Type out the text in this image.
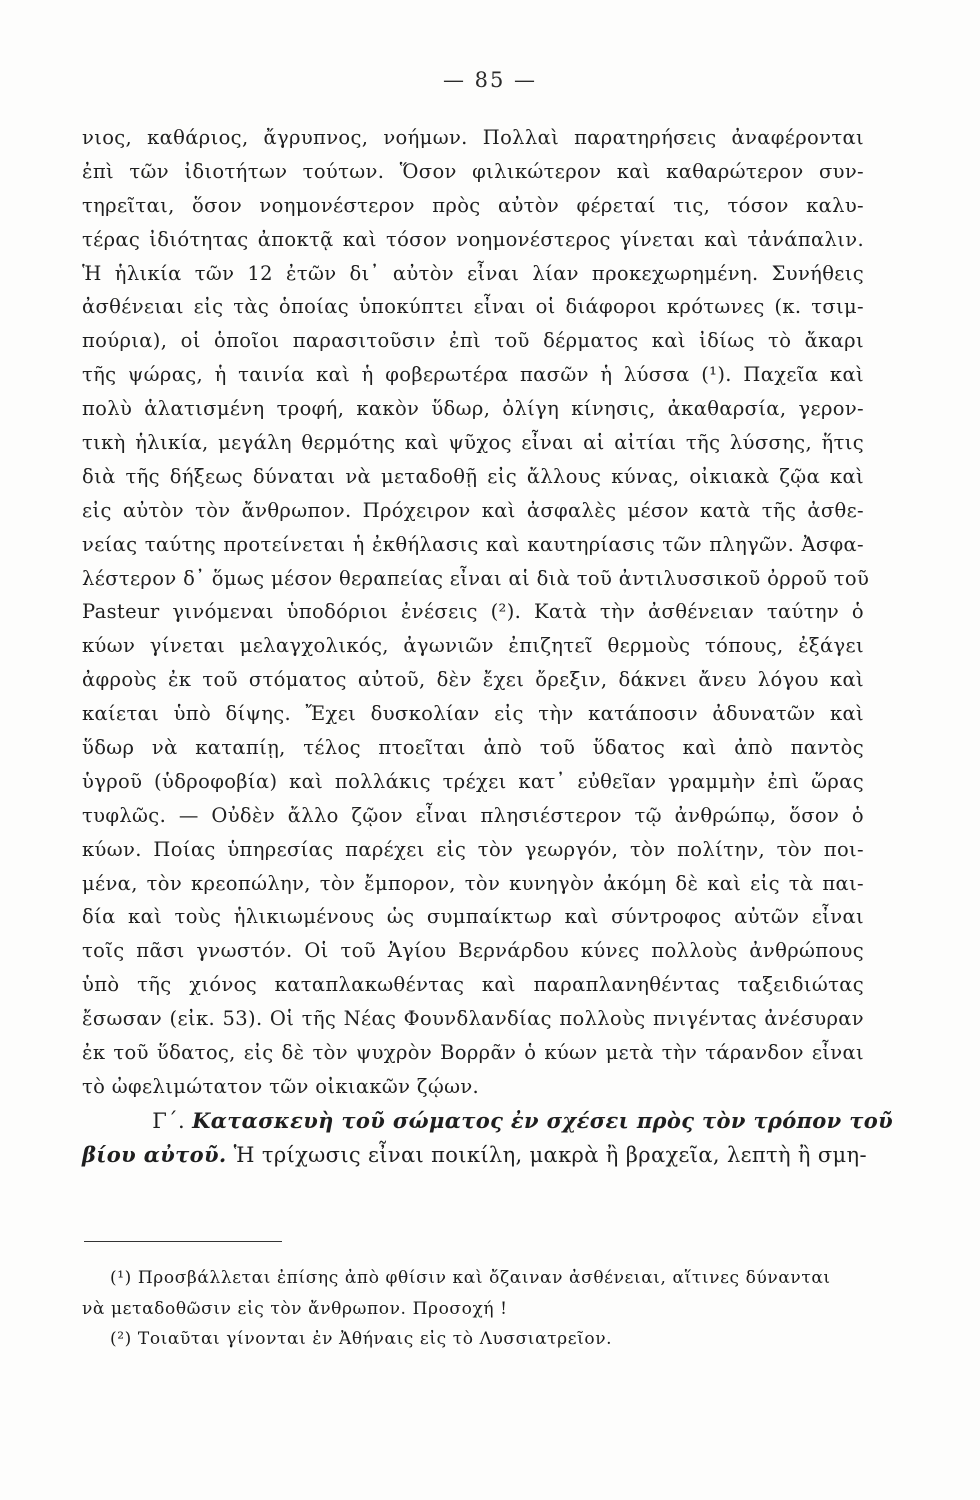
— 85 —
νιος, καθάριος, ἄγρυπνος, νοήμων. Πολλαὶ παρατηρήσεις ἀναφέρονται
ἐπὶ τῶν ἰδιοτήτων τούτων. Ὅσον φιλικώτερον καὶ καθαρώτερον συν-
τηρεῖται, ὅσον νοημονέστερον πρὸς αὐτὸν φέρεταί τις, τόσον καλυ-
τέρας ἰδιότητας ἀποκτᾷ καὶ τόσον νοημονέστερος γίνεται καὶ τἀνάπαλιν.
Ἡ ἡλικία τῶν 12 ἐτῶν δι᾽ αὐτὸν εἶναι λίαν προκεχωρημένη. Συνήθεις
ἀσθένειαι εἰς τὰς ὁποίας ὑποκύπτει εἶναι οἱ διάφοροι κρότωνες (κ. τσιμ-
πούρια), οἱ ὁποῖοι παρασιτοῦσιν ἐπὶ τοῦ δέρματος καὶ ἰδίως τὸ ἄκαρι
τῆς ψώρας, ἡ ταινία καὶ ἡ φοβερωτέρα πασῶν ἡ λύσσα (¹). Παχεῖα καὶ
πολὺ ἁλατισμένη τροφή, κακὸν ὕδωρ, ὀλίγη κίνησις, ἀκαθαρσία, γερον-
τικὴ ἡλικία, μεγάλη θερμότης καὶ ψῦχος εἶναι αἱ αἰτίαι τῆς λύσσης, ἥτις
διὰ τῆς δήξεως δύναται νὰ μεταδοθῇ εἰς ἄλλους κύνας, οἰκιακὰ ζῷα καὶ
εἰς αὐτὸν τὸν ἄνθρωπον. Πρόχειρον καὶ ἀσφαλὲς μέσον κατὰ τῆς ἀσθε-
νείας ταύτης προτείνεται ἡ ἐκθήλασις καὶ καυτηρίασις τῶν πληγῶν. Ἀσφα-
λέστερον δ᾽ ὅμως μέσον θεραπείας εἶναι αἱ διὰ τοῦ ἀντιλυσσικοῦ ὀρροῦ τοῦ
Pasteur γινόμεναι ὑποδόριοι ἐνέσεις (²). Κατὰ τὴν ἀσθένειαν ταύτην ὁ
κύων γίνεται μελαγχολικός, ἀγωνιῶν ἐπιζητεῖ θερμοὺς τόπους, ἐξάγει
ἀφροὺς ἐκ τοῦ στόματος αὐτοῦ, δὲν ἔχει ὄρεξιν, δάκνει ἄνευ λόγου καὶ
καίεται ὑπὸ δίψης. Ἔχει δυσκολίαν εἰς τὴν κατάποσιν ἀδυνατῶν καὶ
ὕδωρ νὰ καταπίῃ, τέλος πτοεῖται ἀπὸ τοῦ ὕδατος καὶ ἀπὸ παντὸς
ὑγροῦ (ὑδροφοβία) καὶ πολλάκις τρέχει κατ᾽ εὐθεῖαν γραμμὴν ἐπὶ ὥρας
τυφλῶς. — Οὐδὲν ἄλλο ζῷον εἶναι πλησιέστερον τῷ ἀνθρώπῳ, ὅσον ὁ
κύων. Ποίας ὑπηρεσίας παρέχει εἰς τὸν γεωργόν, τὸν πολίτην, τὸν ποι-
μένα, τὸν κρεοπώλην, τὸν ἔμπορον, τὸν κυνηγὸν ἀκόμη δὲ καὶ εἰς τὰ παι-
δία καὶ τοὺς ἡλικιωμένους ὡς συμπαίκτωρ καὶ σύντροφος αὐτῶν εἶναι
τοῖς πᾶσι γνωστόν. Οἱ τοῦ Ἁγίου Βερνάρδου κύνες πολλοὺς ἀνθρώπους
ὑπὸ τῆς χιόνος καταπλακωθέντας καὶ παραπλανηθέντας ταξειδιώτας
ἔσωσαν (εἰκ. 53). Οἱ τῆς Νέας Φουνδλανδίας πολλοὺς πνιγέντας ἀνέσυραν
ἐκ τοῦ ὕδατος, εἰς δὲ τὸν ψυχρὸν Βορρᾶν ὁ κύων μετὰ τὴν τάρανδον εἶναι
τὸ ὠφελιμώτατον τῶν οἰκιακῶν ζῴων.
Γ΄. Κατασκευὴ τοῦ σώματος ἐν σχέσει πρὸς τὸν τρόπον τοῦ
βίου αὐτοῦ. Ἡ τρίχωσις εἶναι ποικίλη, μακρὰ ἢ βραχεῖα, λεπτὴ ἢ σμη-
(¹) Προσβάλλεται ἐπίσης ἀπὸ φθίσιν καὶ ὄζαιναν ἀσθένειαι, αἵτινες δύνανται
νὰ μεταδοθῶσιν εἰς τὸν ἄνθρωπον. Προσοχή !
(²) Τοιαῦται γίνονται ἐν Ἀθήναις εἰς τὸ Λυσσιατρεῖον.
